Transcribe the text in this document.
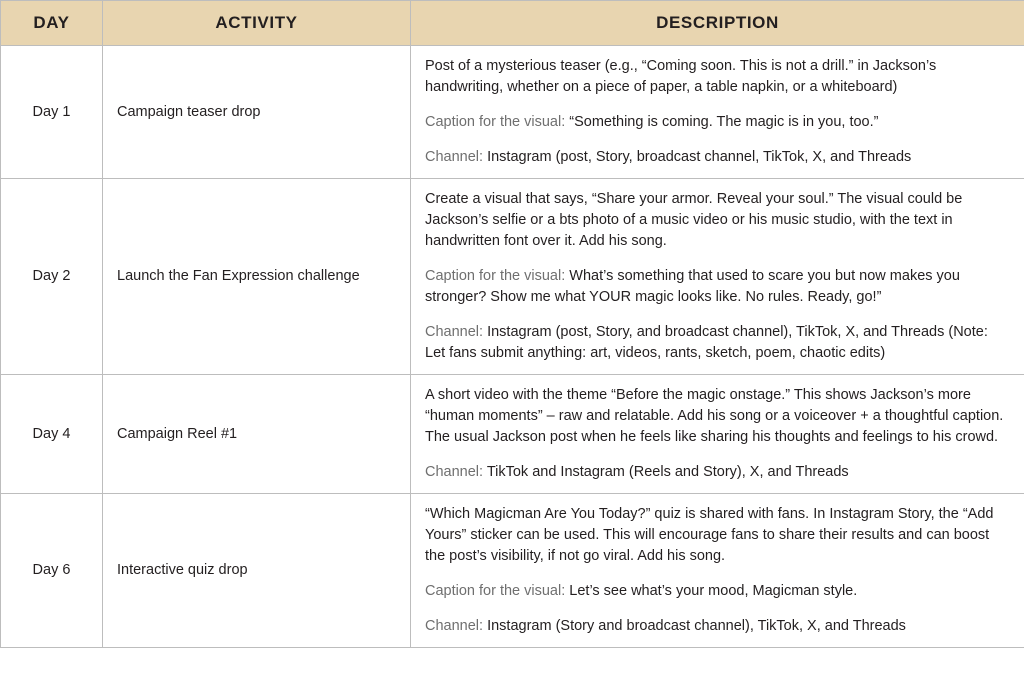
DAY	ACTIVITY	DESCRIPTION
Day 1	Campaign teaser drop	Post of a mysterious teaser (e.g., “Coming soon. This is not a drill.” in Jackson’s handwriting, whether on a piece of paper, a table napkin, or a whiteboard)

Caption for the visual: “Something is coming. The magic is in you, too.”

Channel: Instagram (post, Story, broadcast channel, TikTok, X, and Threads

Day 2	Launch the Fan Expression challenge	Create a visual that says, “Share your armor. Reveal your soul.” The visual could be Jackson’s selfie or a bts photo of a music video or his music studio, with the text in handwritten font over it. Add his song.

Caption for the visual: What’s something that used to scare you but now makes you stronger? Show me what YOUR magic looks like. No rules. Ready, go!”

Channel: Instagram (post, Story, and broadcast channel), TikTok, X, and Threads (Note: Let fans submit anything: art, videos, rants, sketch, poem, chaotic edits)

Day 4	Campaign Reel #1	A short video with the theme “Before the magic onstage.” This shows Jackson’s more “human moments” – raw and relatable. Add his song or a voiceover + a thoughtful caption. The usual Jackson post when he feels like sharing his thoughts and feelings to his crowd.

Channel: TikTok and Instagram (Reels and Story), X, and Threads

Day 6	Interactive quiz drop	“Which Magicman Are You Today?” quiz is shared with fans. In Instagram Story, the “Add Yours” sticker can be used. This will encourage fans to share their results and can boost the post’s visibility, if not go viral. Add his song.

Caption for the visual: Let’s see what’s your mood, Magicman style.

Channel: Instagram (Story and broadcast channel), TikTok, X, and Threads
